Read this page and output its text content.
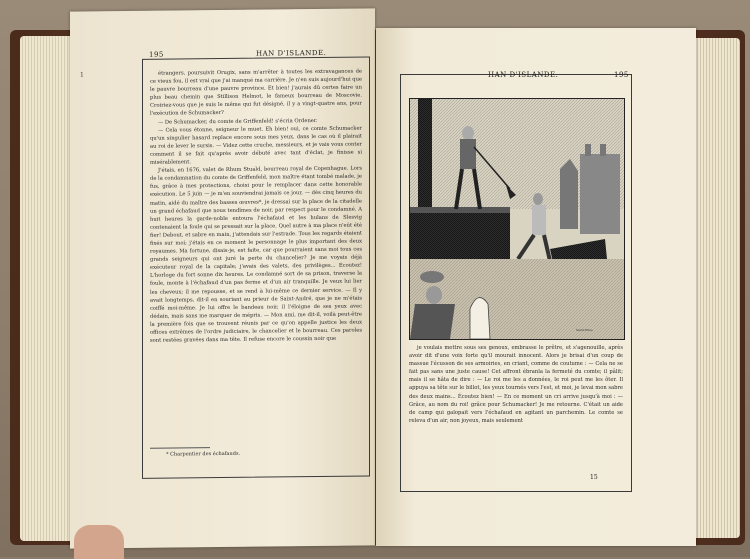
1
195	HAN D'ISLANDE.

étrangers, poursuivit Orugix, sans m'arrêter à toutes les extravagances de ce vieux fou, il est vrai que j'ai manqué ma carrière. Je n'en suis aujourd'hui que le pauvre bourreau d'une pauvre province. Et bien! j'aurais dû certes faire un plus beau chemin que Stillison Helmot, le fameux bourreau de Moscovie. Croiriez-vous que je suis le même qui fut désigné, il y a vingt-quatre ans, pour l'exécution de Schumacker?

— De Schumacker, du comte de Griffenfeld! s'écria Ordener.

— Cela vous étonne, seigneur le muet. Eh bien! oui, ce comte Schumacker qu'un singulier hasard replace encore sous mes yeux, dans le cas où il plairait au roi de lever le sursis. — Videz cette cruche, messieurs, et je vais vous conter comment il se fait qu'après avoir débuté avec tant d'éclat, je finisse si misérablement.

J'étais, en 1676, valet de Rhum Stuald, bourreau royal de Copenhague. Lors de la condamnation du comte de Griffenfeld, mon maître étant tombé malade, je fus, grâce à mes protections, choisi pour le remplacer dans cette honorable exécution. Le 5 juin — je m'en souviendrai jamais ce jour, — dès cinq heures du matin, aidé du maître des basses œuvres*, je dressai sur la place de la citadelle un grand échafaud que nous tendîmes de noir, par respect pour le condamné. A huit heures la garde-noble entoura l'échafaud et les hulans de Slesvig contenaient la foule qui se pressait sur la place. Quel autre à ma place n'eût été fier! Debout, et sabre en main, j'attendais sur l'estrade. Tous les regards étaient fixés sur moi; j'étais en ce moment le personnage le plus important des deux royaumes. Ma fortune, disais-je, est faite, car que pourraient sans moi tous ces grands seigneurs qui ont juré la perte du chancelier? Je me voyais déjà exécuteur royal de la capitale; j'avais des valets, des privilèges... Ecoutez! L'horloge du fort sonne dix heures. Le condamné sort de sa prison, traverse la foule, monte à l'échafaud d'un pas ferme et d'un air tranquille. Je veux lui lier les cheveux; il me repousse, et se rend à lui-même ce dernier service. — Il y avait longtemps, dit-il en souriant au prieur de Saint-André, que je ne m'étais coiffé moi-même. Je lui offre le bandeau noir, il l'éloigne de ses yeux avec dédain, mais sans me marquer de mépris. — Mon ami, me dit-il, voilà peut-être la première fois que se trouvent réunis par ce qu'on appelle justice les deux offices extrêmes de l'ordre judiciaire, le chancelier et le bourreau. Ces paroles sont restées gravées dans ma tête. Il refuse encore le coussin noir que

* Charpentier des échafauds.
HAN D'ISLANDE.	195
Saint-Elme

je voulais mettre sous ses genoux, embrasse le prêtre, et s'agenouille, après avoir dit d'une voix forte qu'il mourait innocent. Alors je brisai d'un coup de massue l'écusson de ses armoiries, en criant, comme de coutume : — Cela ne se fait pas sans une juste cause! Cet affront ébranla la fermeté du comte; il pâlit; mais il se hâta de dire : — Le roi me les a données, le roi peut me les ôter. Il appuya sa tête sur le billot, les yeux tournés vers l'est, et moi, je levai mon sabre des deux mains... Écoutez bien! — En ce moment un cri arrive jusqu'à moi : — Grâce, au nom du roi! grâce pour Schumacker! Je me retourne. C'était un aide de camp qui galopait vers l'échafaud en agitant un parchemin. Le comte se releva d'un air, non joyeux, mais seulement

15
